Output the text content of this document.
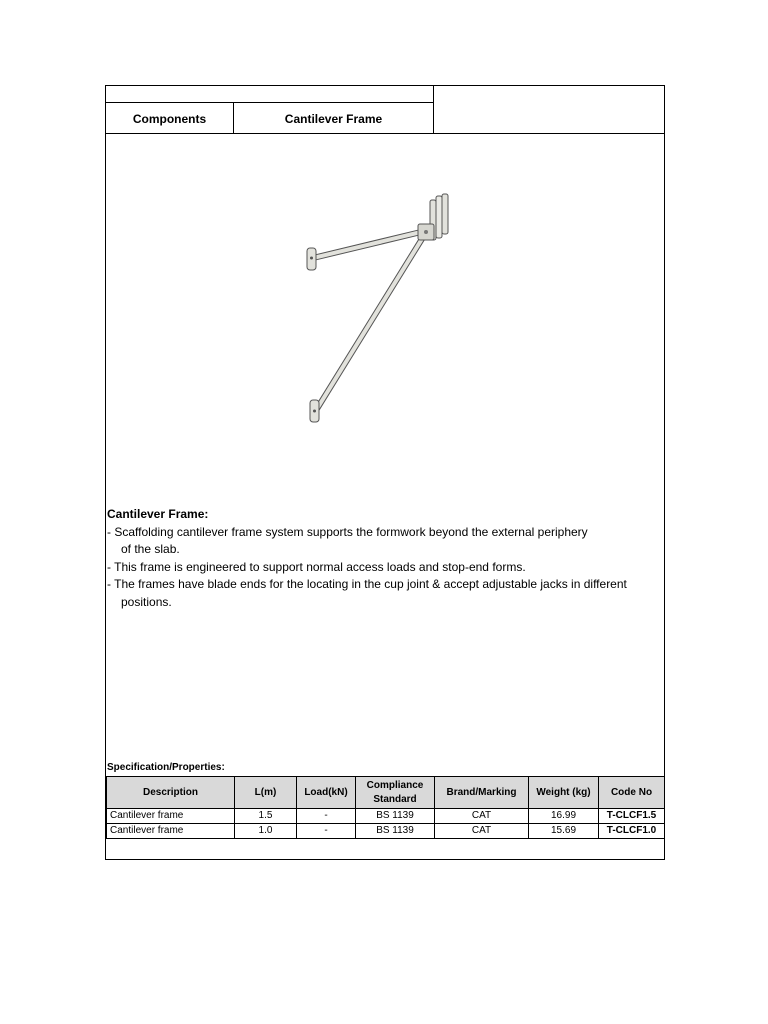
Components	Cantilever Frame
Cantilever Frame:
- Scaffolding cantilever frame system supports the formwork beyond the external periphery
of the slab.
- This frame is engineered to support normal access loads and stop-end forms.
- The frames have blade ends for the locating in the cup joint & accept adjustable jacks in different
positions.
Specification/Properties:
Description	L(m)	Load(kN)	Compliance Standard	Brand/Marking	Weight (kg)	Code No
Cantilever frame	1.5	-	BS 1139	CAT	16.99	T-CLCF1.5
Cantilever frame	1.0	-	BS 1139	CAT	15.69	T-CLCF1.0
